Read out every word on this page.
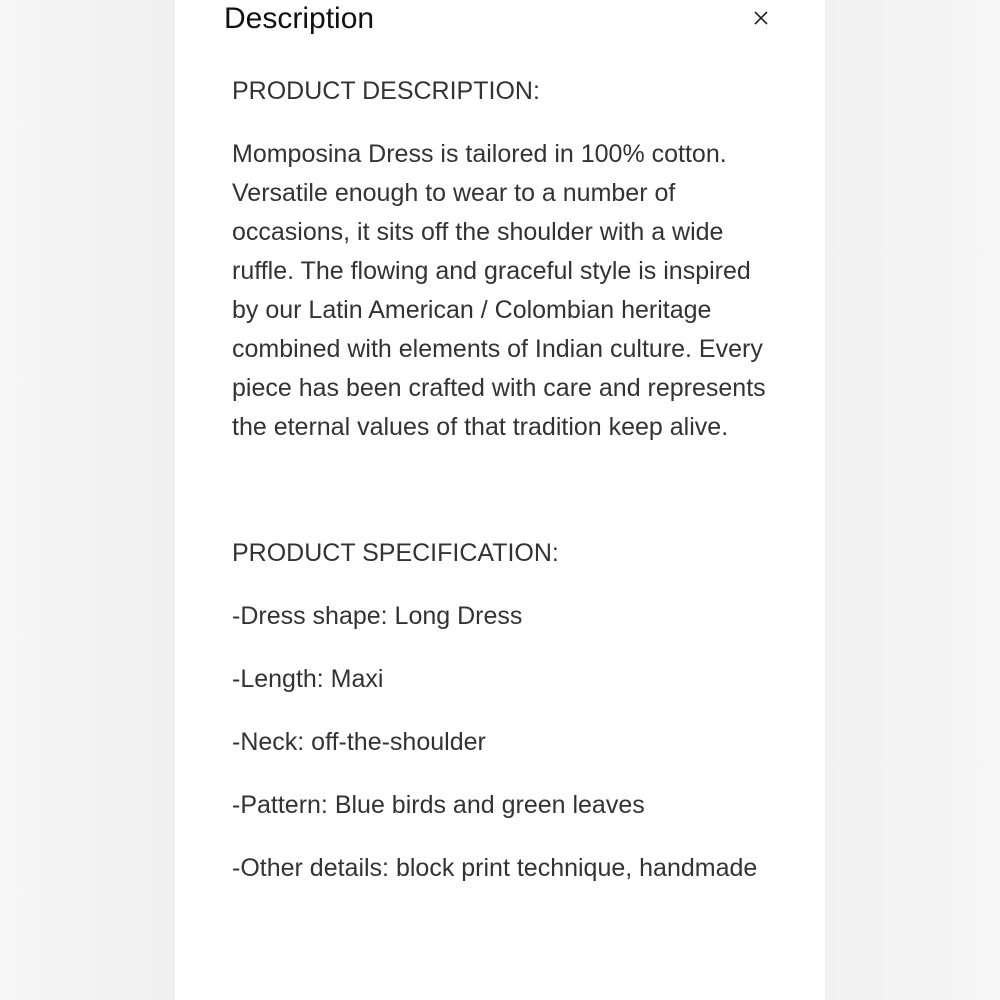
Description

PRODUCT DESCRIPTION:

Momposina Dress is tailored in 100% cotton. Versatile enough to wear to a number of occasions, it sits off the shoulder with a wide ruffle. The flowing and graceful style is inspired by our Latin American / Colombian heritage combined with elements of Indian culture. Every piece has been crafted with care and represents the eternal values of that tradition keep alive.

PRODUCT SPECIFICATION:

-Dress shape: Long Dress

-Length: Maxi

-Neck: off-the-shoulder

-Pattern: Blue birds and green leaves

-Other details: block print technique, handmade
